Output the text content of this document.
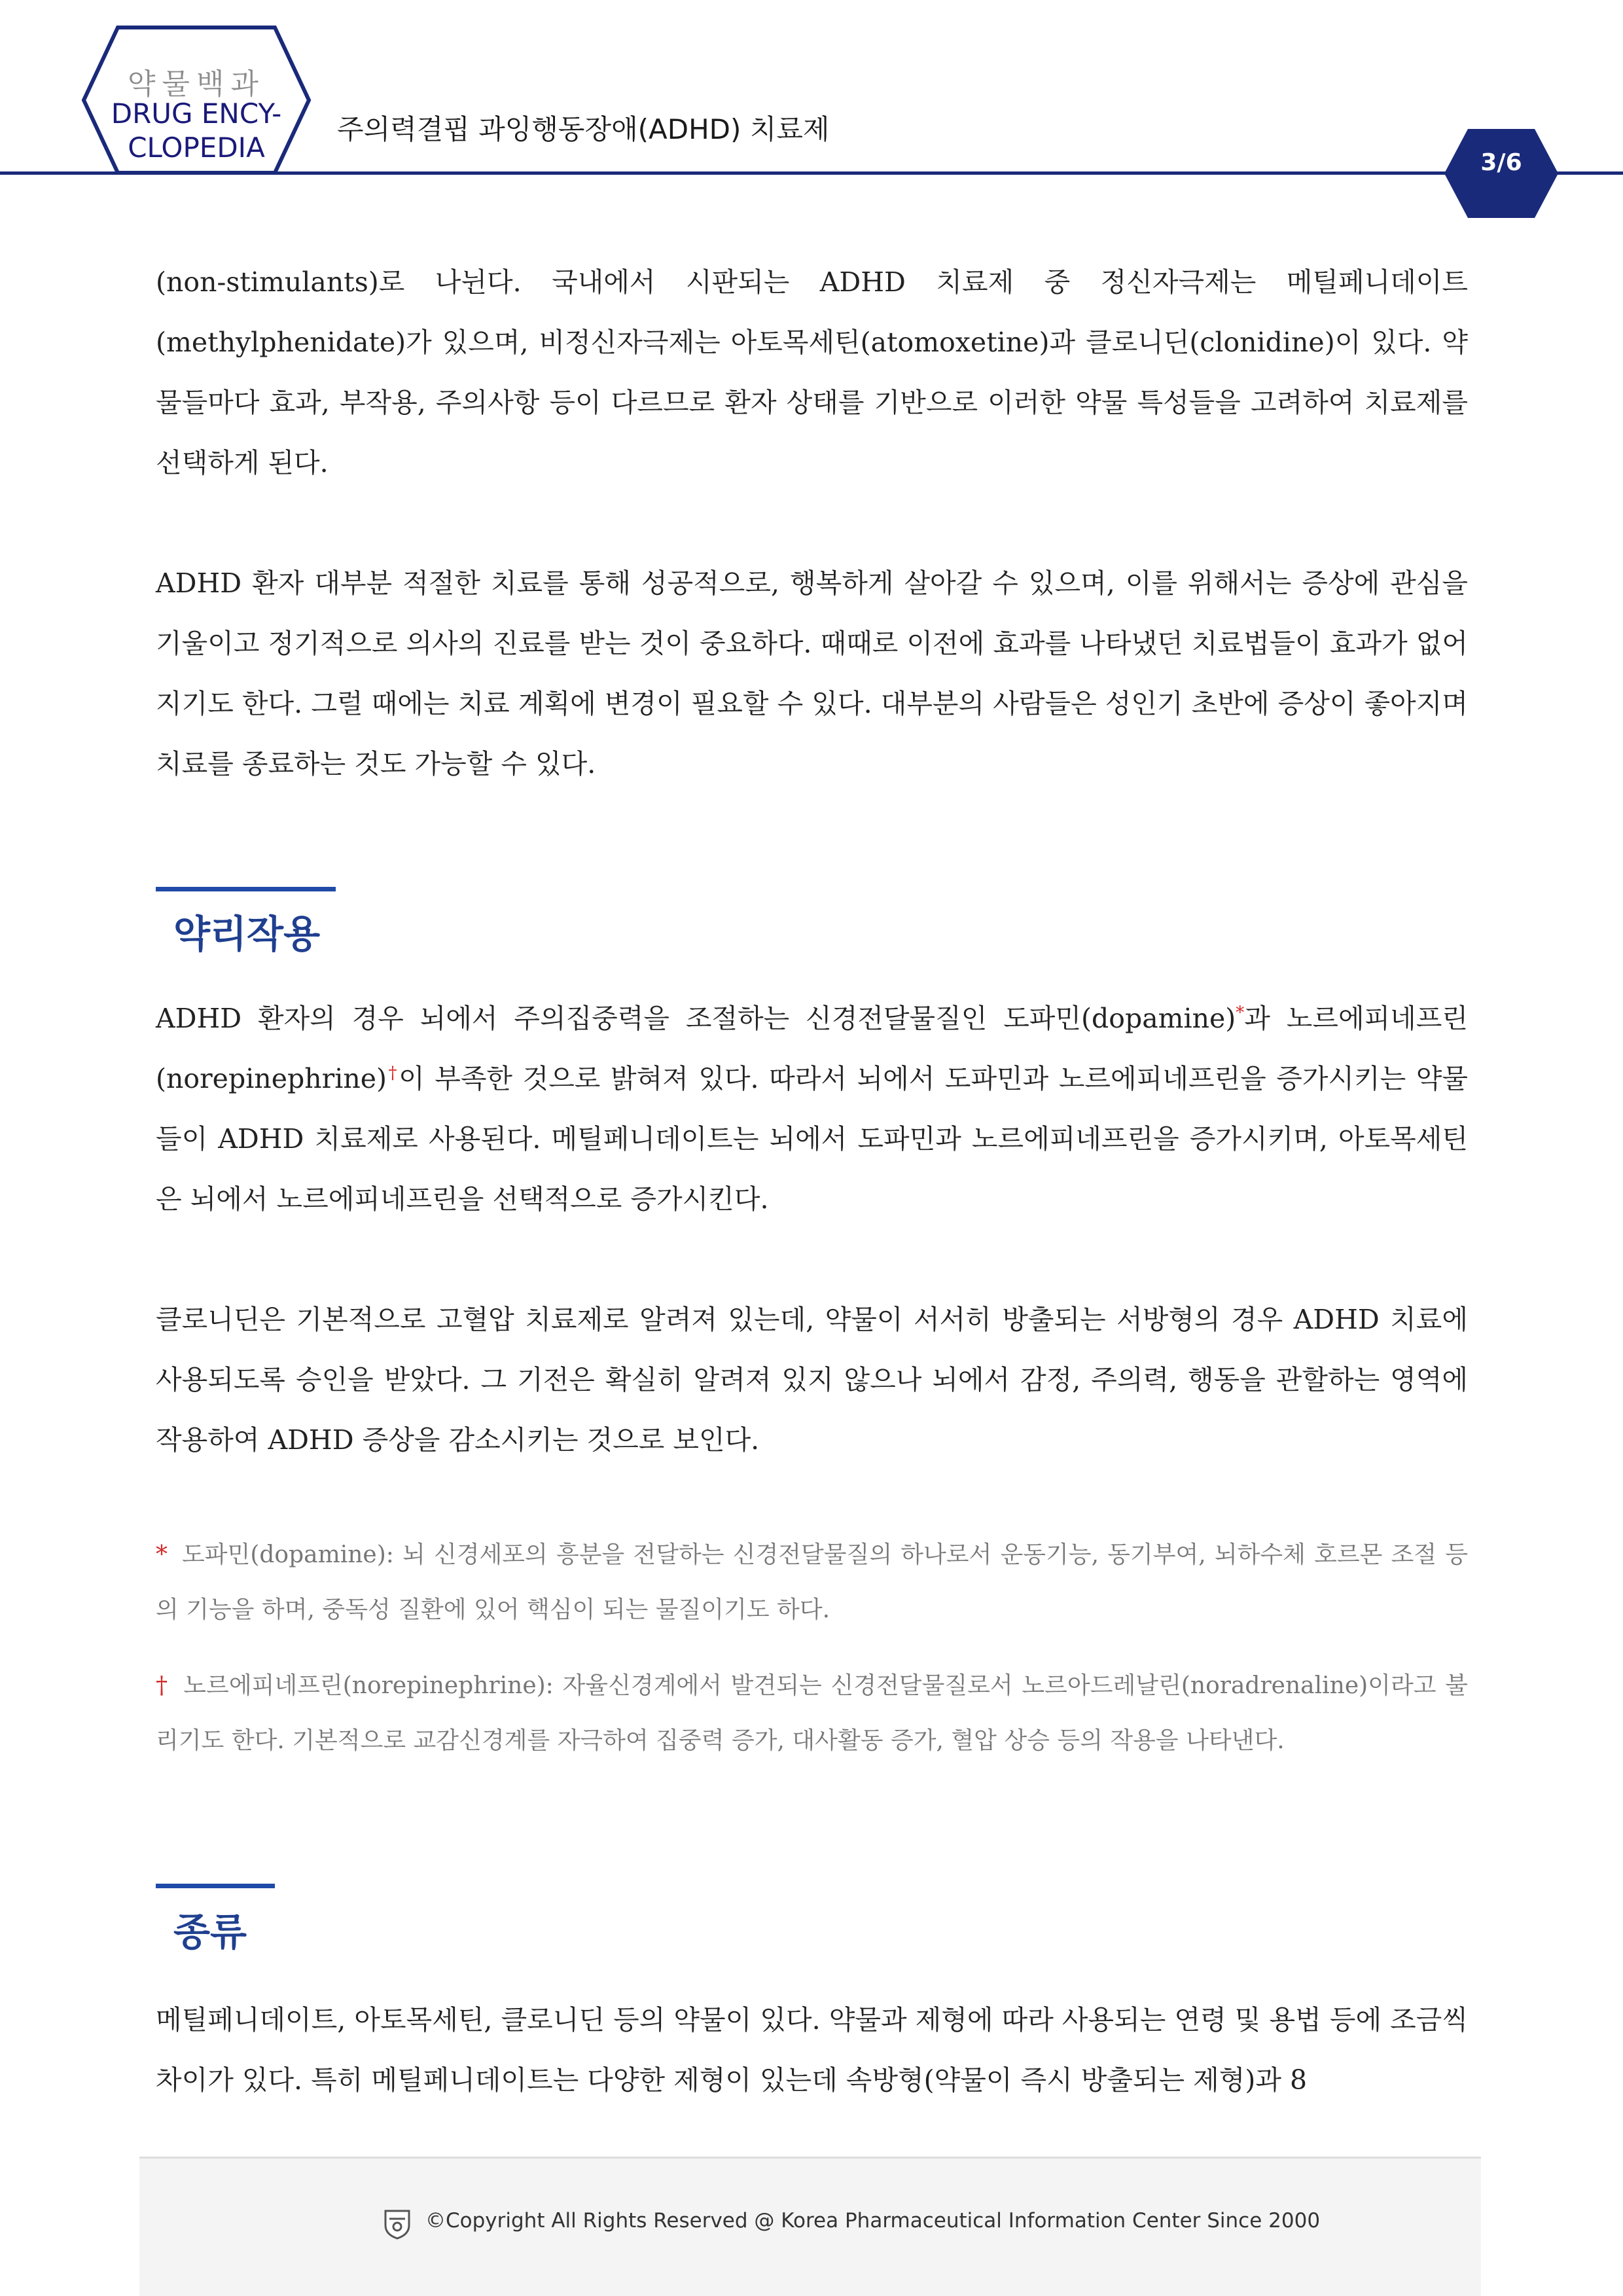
약물백과
DRUG ENCY-
CLOPEDIA
주의력결핍 과잉행동장애(ADHD) 치료제
3/6

(non-stimulants)로 나뉜다. 국내에서 시판되는 ADHD 치료제 중 정신자극제는 메틸페니데이트(methylphenidate)가 있으며, 비정신자극제는 아토목세틴(atomoxetine)과 클로니딘(clonidine)이 있다. 약물들마다 효과, 부작용, 주의사항 등이 다르므로 환자 상태를 기반으로 이러한 약물 특성들을 고려하여 치료제를 선택하게 된다.

ADHD 환자 대부분 적절한 치료를 통해 성공적으로, 행복하게 살아갈 수 있으며, 이를 위해서는 증상에 관심을 기울이고 정기적으로 의사의 진료를 받는 것이 중요하다. 때때로 이전에 효과를 나타냈던 치료법들이 효과가 없어지기도 한다. 그럴 때에는 치료 계획에 변경이 필요할 수 있다. 대부분의 사람들은 성인기 초반에 증상이 좋아지며 치료를 종료하는 것도 가능할 수 있다.

약리작용

ADHD 환자의 경우 뇌에서 주의집중력을 조절하는 신경전달물질인 도파민(dopamine)*과 노르에피네프린(norepinephrine)†이 부족한 것으로 밝혀져 있다. 따라서 뇌에서 도파민과 노르에피네프린을 증가시키는 약물들이 ADHD 치료제로 사용된다. 메틸페니데이트는 뇌에서 도파민과 노르에피네프린을 증가시키며, 아토목세틴은 뇌에서 노르에피네프린을 선택적으로 증가시킨다.

클로니딘은 기본적으로 고혈압 치료제로 알려져 있는데, 약물이 서서히 방출되는 서방형의 경우 ADHD 치료에 사용되도록 승인을 받았다. 그 기전은 확실히 알려져 있지 않으나 뇌에서 감정, 주의력, 행동을 관할하는 영역에 작용하여 ADHD 증상을 감소시키는 것으로 보인다.

* 도파민(dopamine): 뇌 신경세포의 흥분을 전달하는 신경전달물질의 하나로서 운동기능, 동기부여, 뇌하수체 호르몬 조절 등의 기능을 하며, 중독성 질환에 있어 핵심이 되는 물질이기도 하다.

† 노르에피네프린(norepinephrine): 자율신경계에서 발견되는 신경전달물질로서 노르아드레날린(noradrenaline)이라고 불리기도 한다. 기본적으로 교감신경계를 자극하여 집중력 증가, 대사활동 증가, 혈압 상승 등의 작용을 나타낸다.

종류

메틸페니데이트, 아토목세틴, 클로니딘 등의 약물이 있다. 약물과 제형에 따라 사용되는 연령 및 용법 등에 조금씩 차이가 있다. 특히 메틸페니데이트는 다양한 제형이 있는데 속방형(약물이 즉시 방출되는 제형)과 8

©Copyright All Rights Reserved @ Korea Pharmaceutical Information Center Since 2000
